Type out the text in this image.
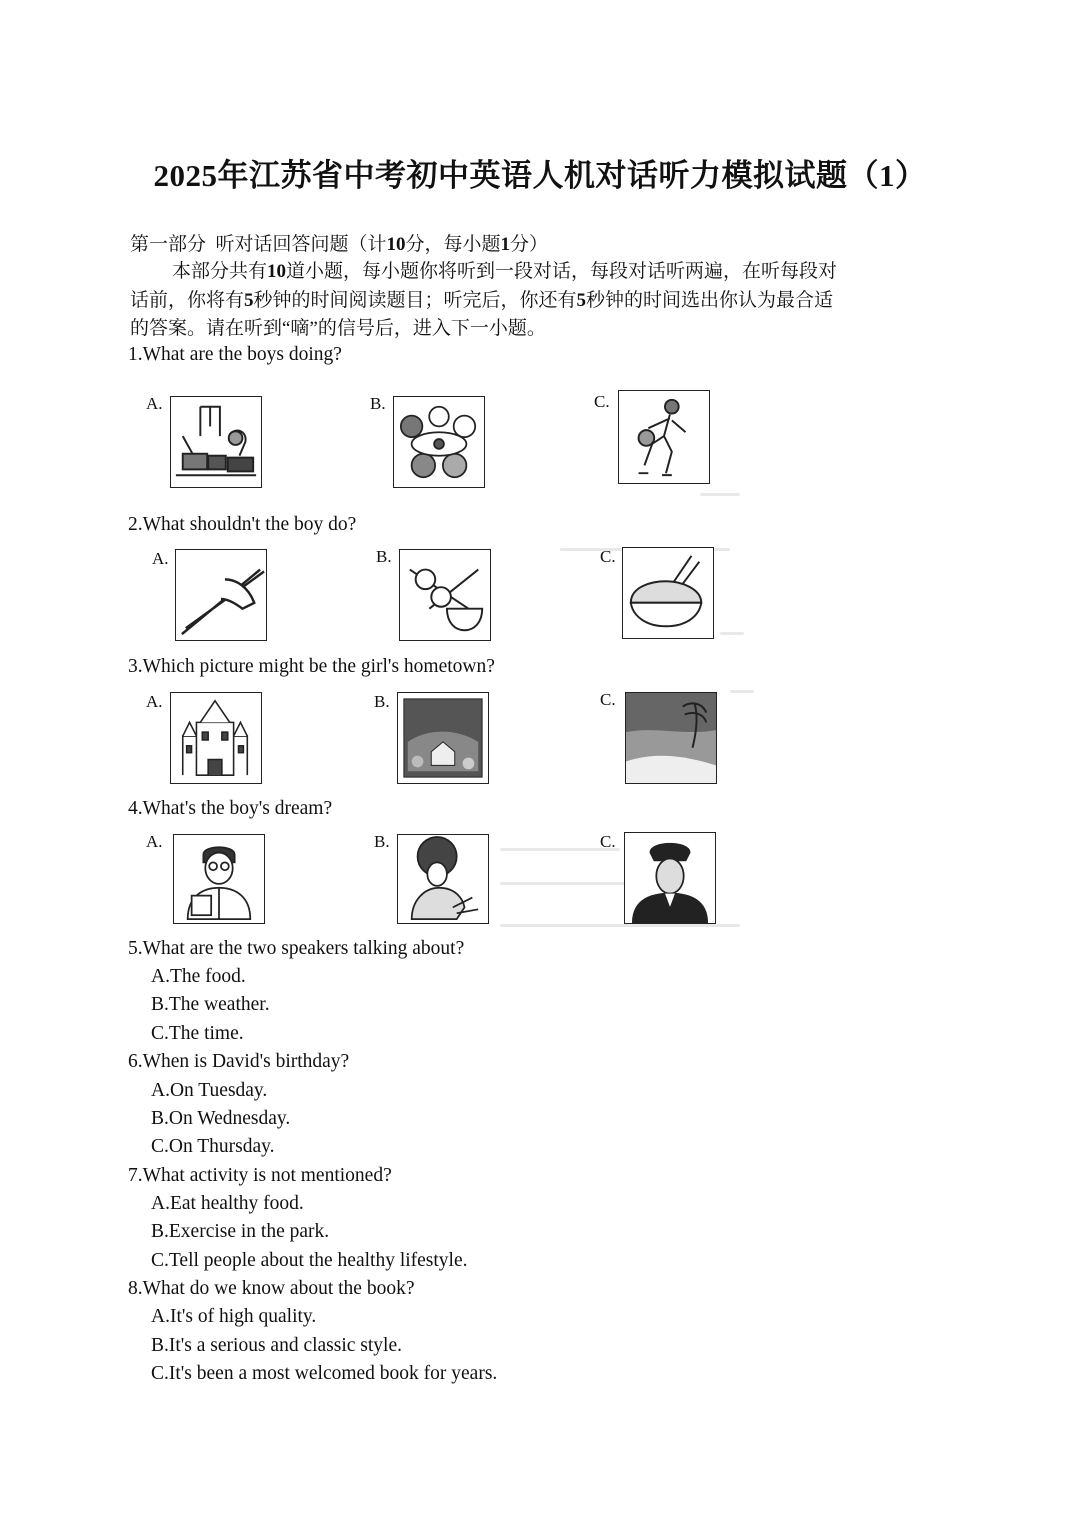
2025年江苏省中考初中英语人机对话听力模拟试题（1）
第一部分 听对话回答问题（计10分，每小题1分）
本部分共有10道小题，每小题你将听到一段对话，每段对话听两遍，在听每段对
话前，你将有5秒钟的时间阅读题目；听完后，你还有5秒钟的时间选出你认为最合适
的答案。请在听到“嘀”的信号后，进入下一小题。
1.What are the boys doing?
A.	B.	C.
2.What shouldn't the boy do?
A.	B.	C.
3.Which picture might be the girl's hometown?
A.	B.	C.
4.What's the boy's dream?
A.	B.	C.
5.What are the two speakers talking about?
A.The food.
B.The weather.
C.The time.
6.When is David's birthday?
A.On Tuesday.
B.On Wednesday.
C.On Thursday.
7.What activity is not mentioned?
A.Eat healthy food.
B.Exercise in the park.
C.Tell people about the healthy lifestyle.
8.What do we know about the book?
A.It's of high quality.
B.It's a serious and classic style.
C.It's been a most welcomed book for years.
